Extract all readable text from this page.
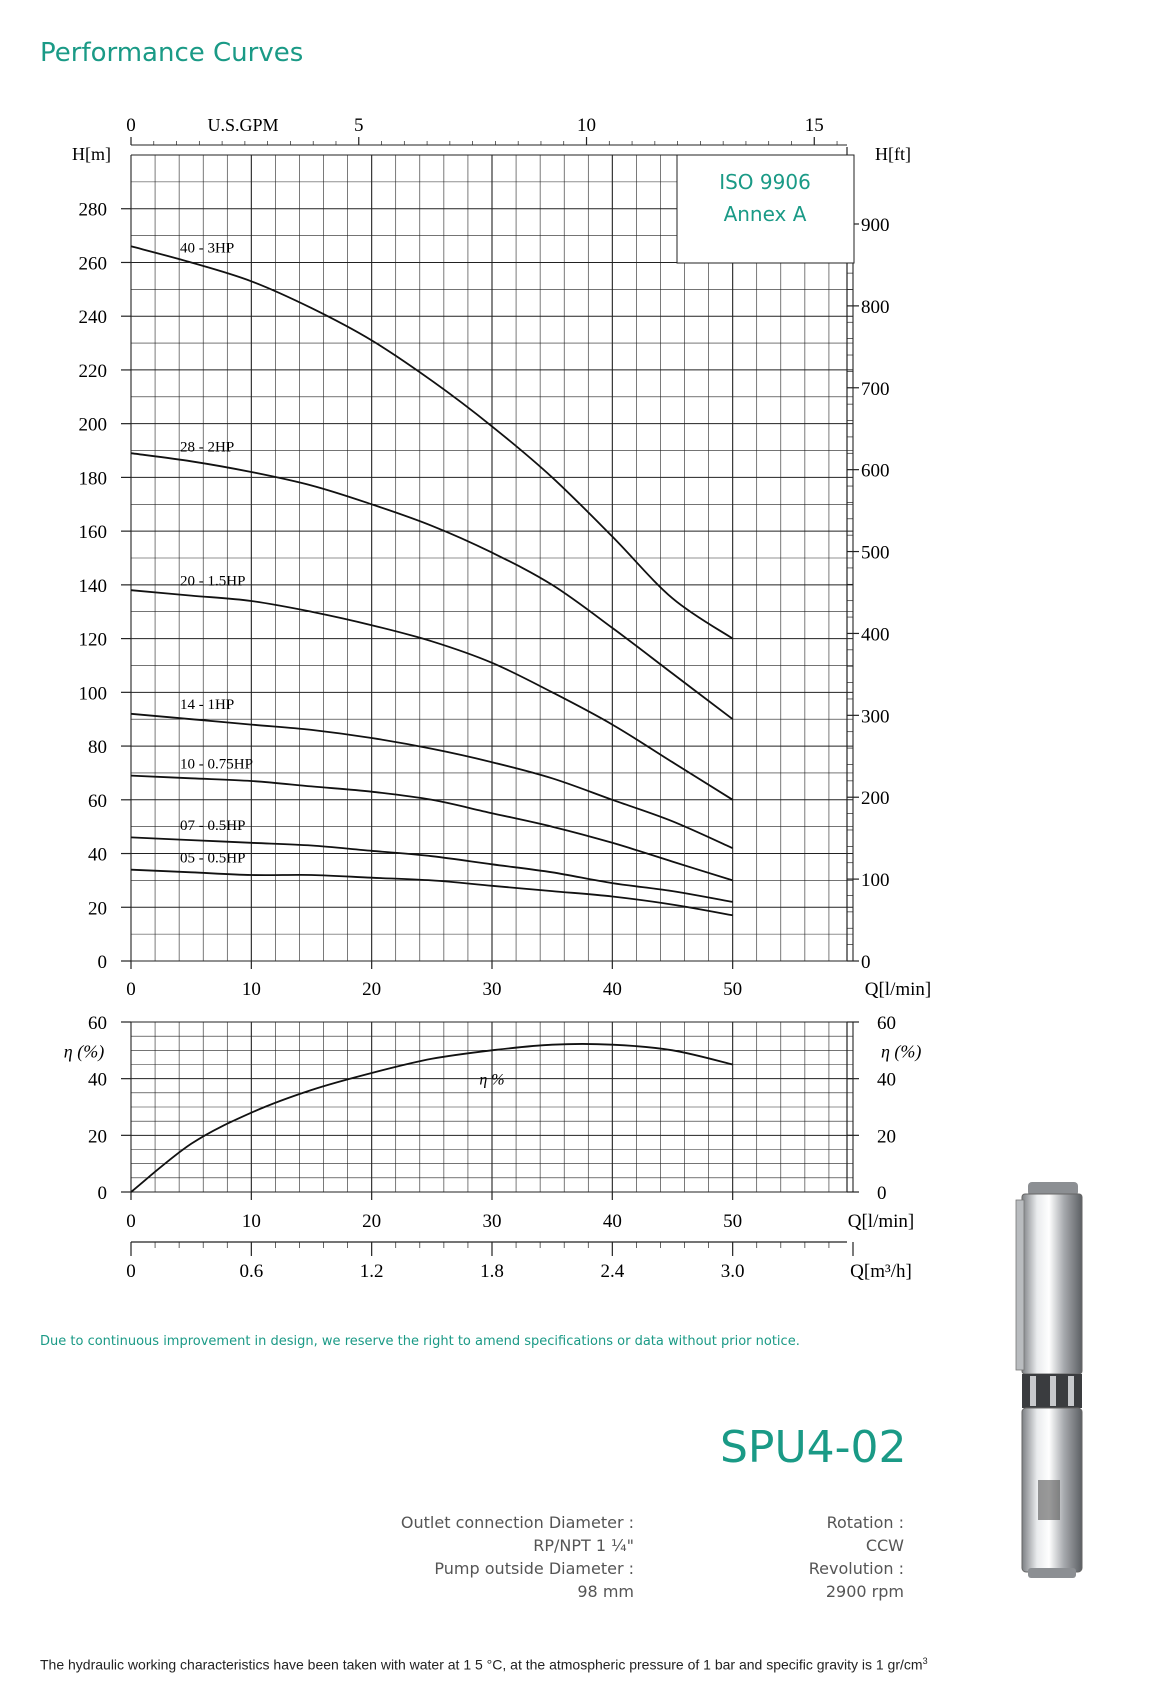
Performance Curves
H[m]
0
20
40
60
80
100
120
140
160
180
200
220
240
260
280
0	10	20	30	40	50	Q[l/min]
0	5	10	15
U.S.GPM
0
100
200
300
400
500
600
700
800
900
H[ft]
ISO 9906
Annex A
40 - 3HP
28 - 2HP
20 - 1.5HP
14 - 1HP
10 - 0.75HP
07 - 0.5HP
05 - 0.5HP
0	0
20	20
40	40
60	60
η (%)	η (%)
0	10	20	30	40	50	Q[l/min]
0	0.6	1.2	1.8	2.4	3.0	Q[m³/h]
η %
Due to continuous improvement in design, we reserve the right to amend specifications or data without prior notice.
SPU4-02
Outlet connection Diameter :
RP/NPT 1 ¼"
Pump outside Diameter :
98 mm
Rotation :
CCW
Revolution :
2900 rpm
The hydraulic working characteristics have been taken with water at 1 5 °C, at the atmospheric pressure of 1 bar and specific gravity is 1 $gr/cm^3$
